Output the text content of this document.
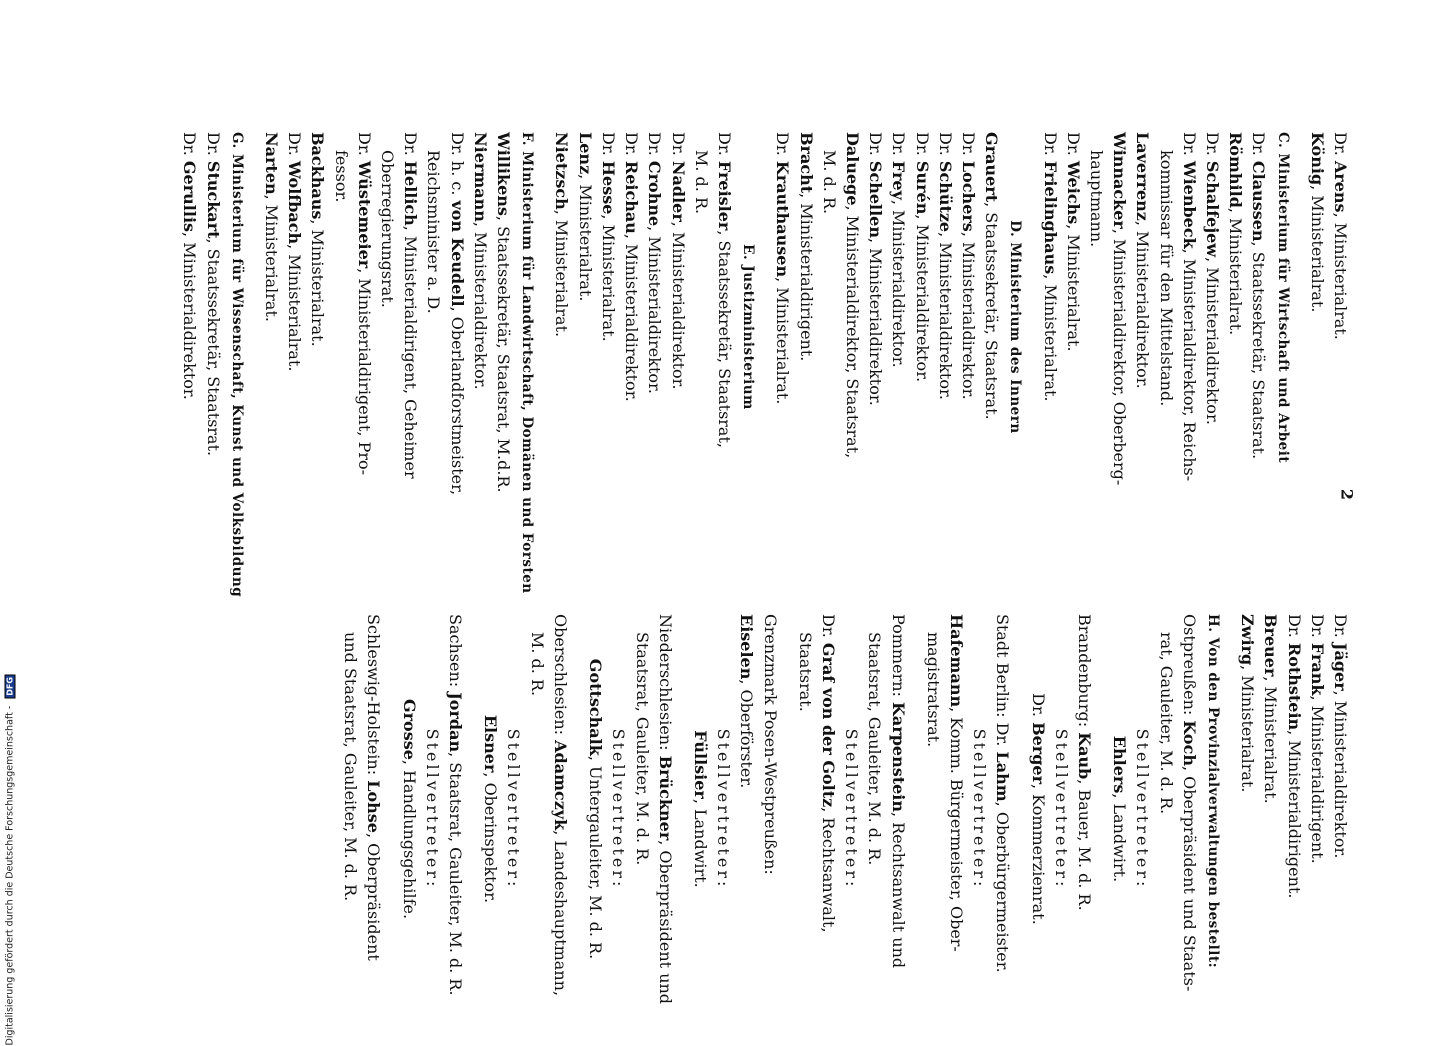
2
Dr. Arens, Ministerialrat.
König, Ministerialrat.
C. Ministerium für Wirtschaft und Arbeit
Dr. Claussen, Staatssekretär, Staatsrat.
Römhild, Ministerialrat.
Dr. Schalfejew, Ministerialdirektor.
Dr. Wienbeck, Ministerialdirektor, Reichs-
kommissar für den Mittelstand.
Laverrenz, Ministerialdirektor.
Winnacker, Ministerialdirektor, Oberberg-
hauptmann.
Dr. Weichs, Ministerialrat.
Dr. Frielinghaus, Ministerialrat.
D. Ministerium des Innern
Grauert, Staatssekretär, Staatsrat.
Dr. Lochers, Ministerialdirektor.
Dr. Schütze, Ministerialdirektor.
Dr. Surén, Ministerialdirektor.
Dr. Frey, Ministerialdirektor.
Dr. Schellen, Ministerialdirektor.
Daluege, Ministerialdirektor, Staatsrat,
M. d. R.
Bracht, Ministerialdirigent.
Dr. Krauthausen, Ministerialrat.
E. Justizministerium
Dr. Freisler, Staatssekretär, Staatsrat,
M. d. R.
Dr. Nadler, Ministerialdirektor.
Dr. Crohne, Ministerialdirektor.
Dr. Reichau, Ministerialdirektor.
Dr. Hesse, Ministerialrat.
Lenz, Ministerialrat.
Nietzsch, Ministerialrat.
F. Ministerium für Landwirtschaft, Domänen und Forsten
Willikens, Staatssekretär, Staatsrat, M.d.R.
Niermann, Ministerialdirektor.
Dr. h. c. von Keudell, Oberlandforstmeister,
Reichsminister a. D.
Dr. Hellich, Ministerialdirigent, Geheimer
Oberregierungsrat.
Dr. Wüstemeier, Ministerialdirigent, Pro-
fessor.
Backhaus, Ministerialrat.
Dr. Wolfbach, Ministerialrat.
Narten, Ministerialrat.
G. Ministerium für Wissenschaft, Kunst und Volksbildung
Dr. Stuckart, Staatssekretär, Staatsrat.
Dr. Gerullis, Ministerialdirektor.
Dr. Jäger, Ministerialdirektor.
Dr. Frank, Ministerialdirigent.
Dr. Rothstein, Ministerialdirigent.
Breuer, Ministerialrat.
Zwirg, Ministerialrat.
H. Von den Provinzialverwaltungen bestellt:
Ostpreußen: Koch, Oberpräsident und Staats-
rat, Gauleiter, M. d. R.
Stellvertreter:
Ehlers, Landwirt.
Brandenburg: Kaub, Bauer, M. d. R.
Stellvertreter:
Dr. Berger, Kommerzienrat.
Stadt Berlin: Dr. Lahm, Oberbürgermeister.
Stellvertreter:
Hafemann, Komm. Bürgermeister, Ober-
magistratsrat.
Pommern: Karpenstein, Rechtsanwalt und
Staatsrat, Gauleiter, M. d. R.
Stellvertreter:
Dr. Graf von der Goltz, Rechtsanwalt,
Staatsrat.
Grenzmark Posen-Westpreußen:
Eiselen, Oberförster.
Stellvertreter:
Füllsier, Landwirt.
Niederschlesien: Brückner, Oberpräsident und
Staatsrat, Gauleiter, M. d. R.
Stellvertreter:
Gottschalk, Untergauleiter, M. d. R.
Oberschlesien: Adamczyk, Landeshauptmann,
M. d. R.
Stellvertreter:
Elsner, Oberinspektor.
Sachsen: Jordan, Staatsrat, Gauleiter, M. d. R.
Stellvertreter:
Grosse, Handlungsgehilfe.
Schleswig-Holstein: Lohse, Oberpräsident
und Staatsrat, Gauleiter, M. d. R.
Digitalisierung gefördert durch die Deutsche Forschungsgemeinschaft - DFG
